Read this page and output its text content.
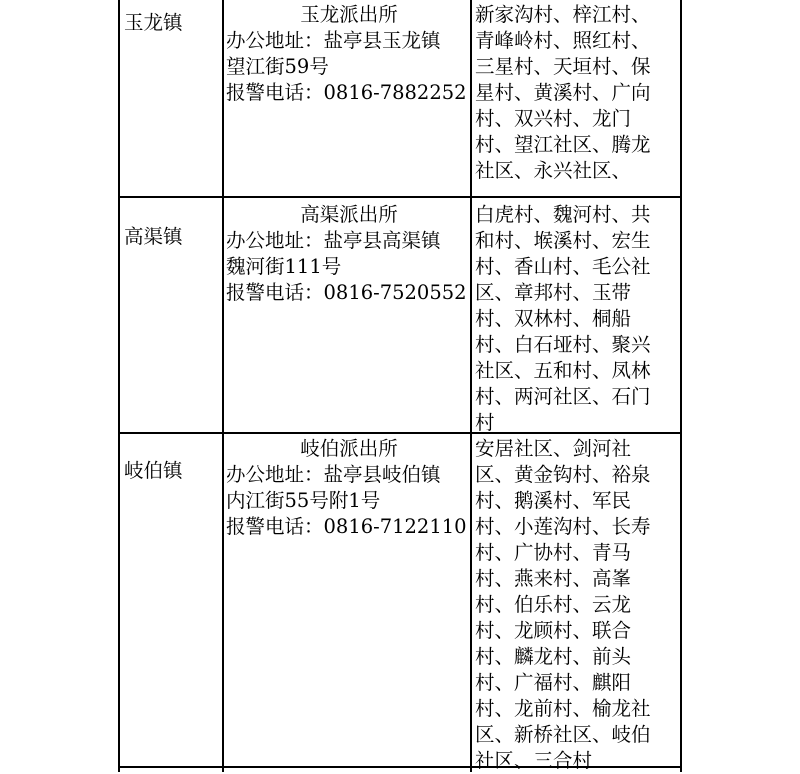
玉龙镇	玉龙派出所
办公地址：盐亭县玉龙镇
望江街59号
报警电话：0816-7882252
新家沟村、梓江村、
青峰岭村、照红村、
三星村、天垣村、保
星村、黄溪村、广向
村、双兴村、龙门
村、望江社区、腾龙
社区、永兴社区、
高渠镇
高渠派出所
办公地址：盐亭县高渠镇
魏河街111号
报警电话：0816-7520552
白虎村、魏河村、共
和村、堠溪村、宏生
村、香山村、毛公社
区、章邦村、玉带
村、双林村、桐船
村、白石垭村、聚兴
社区、五和村、凤林
村、两河社区、石门
村
岐伯镇
岐伯派出所
办公地址：盐亭县岐伯镇
内江街55号附1号
报警电话：0816-7122110
安居社区、剑河社
区、黄金钩村、裕泉
村、鹅溪村、军民
村、小莲沟村、长寿
村、广协村、青马
村、燕来村、高峯
村、伯乐村、云龙
村、龙顾村、联合
村、麟龙村、前头
村、广福村、麒阳
村、龙前村、榆龙社
区、新桥社区、岐伯
社区、三合村
